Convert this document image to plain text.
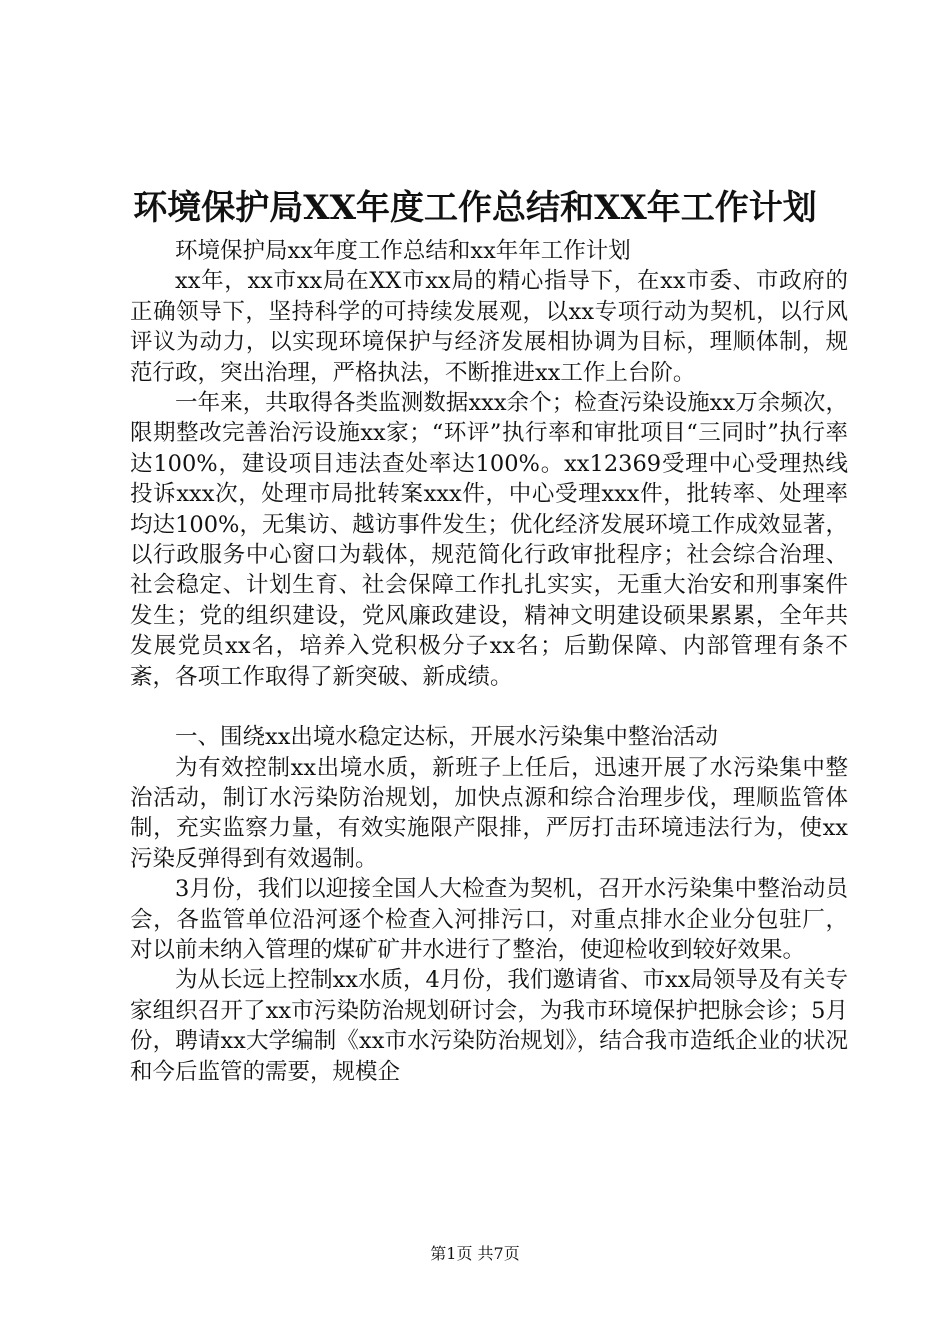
环境保护局XX年度工作总结和XX年工作计划

环境保护局xx年度工作总结和xx年年工作计划

xx年，xx市xx局在XX市xx局的精心指导下，在xx市委、市政府的正确领导下，坚持科学的可持续发展观，以xx专项行动为契机，以行风评议为动力，以实现环境保护与经济发展相协调为目标，理顺体制，规范行政，突出治理，严格执法，不断推进xx工作上台阶。

一年来，共取得各类监测数据xxx余个；检查污染设施xx万余频次，限期整改完善治污设施xx家；“环评”执行率和审批项目“三同时”执行率达100%，建设项目违法查处率达100%。xx12369受理中心受理热线投诉xxx次，处理市局批转案xxx件，中心受理xxx件，批转率、处理率均达100%，无集访、越访事件发生；优化经济发展环境工作成效显著，以行政服务中心窗口为载体，规范简化行政审批程序；社会综合治理、社会稳定、计划生育、社会保障工作扎扎实实，无重大治安和刑事案件发生；党的组织建设，党风廉政建设，精神文明建设硕果累累，全年共发展党员xx名，培养入党积极分子xx名；后勤保障、内部管理有条不紊，各项工作取得了新突破、新成绩。

一、围绕xx出境水稳定达标，开展水污染集中整治活动

为有效控制xx出境水质，新班子上任后，迅速开展了水污染集中整治活动，制订水污染防治规划，加快点源和综合治理步伐，理顺监管体制，充实监察力量，有效实施限产限排，严厉打击环境违法行为，使xx污染反弹得到有效遏制。

3月份，我们以迎接全国人大检查为契机，召开水污染集中整治动员会，各监管单位沿河逐个检查入河排污口，对重点排水企业分包驻厂，对以前未纳入管理的煤矿矿井水进行了整治，使迎检收到较好效果。

为从长远上控制xx水质，4月份，我们邀请省、市xx局领导及有关专家组织召开了xx市污染防治规划研讨会，为我市环境保护把脉会诊；5月份，聘请xx大学编制《xx市水污染防治规划》，结合我市造纸企业的状况和今后监管的需要，规模企

第1页 共7页
